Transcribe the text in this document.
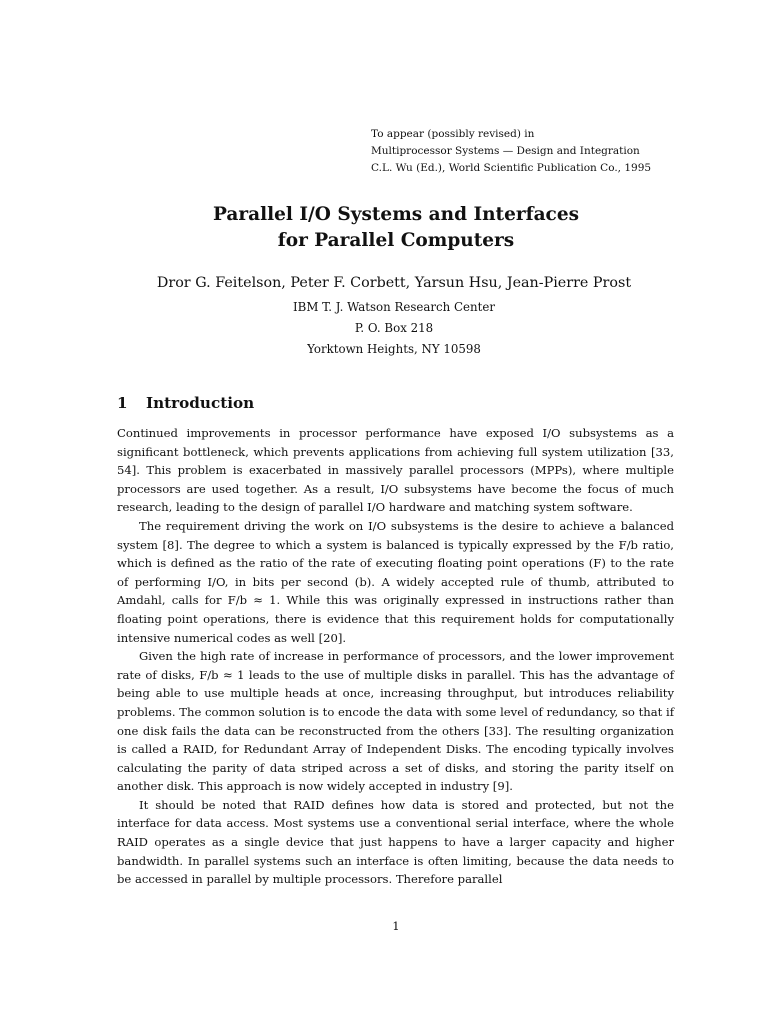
To appear (possibly revised) in
Multiprocessor Systems — Design and Integration
C.L. Wu (Ed.), World Scientific Publication Co., 1995
Parallel I/O Systems and Interfaces
for Parallel Computers
Dror G. Feitelson, Peter F. Corbett, Yarsun Hsu, Jean-Pierre Prost
IBM T. J. Watson Research Center
P. O. Box 218
Yorktown Heights, NY 10598
1 Introduction

Continued improvements in processor performance have exposed I/O subsystems as a significant bottleneck, which prevents applications from achieving full system utilization [33, 54]. This problem is exacerbated in massively parallel processors (MPPs), where multiple processors are used together. As a result, I/O subsystems have become the focus of much research, leading to the design of parallel I/O hardware and matching system software.

The requirement driving the work on I/O subsystems is the desire to achieve a balanced system [8]. The degree to which a system is balanced is typically expressed by the F/b ratio, which is defined as the ratio of the rate of executing floating point operations (F) to the rate of performing I/O, in bits per second (b). A widely accepted rule of thumb, attributed to Amdahl, calls for F/b ≈ 1. While this was originally expressed in instructions rather than floating point operations, there is evidence that this requirement holds for computationally intensive numerical codes as well [20].

Given the high rate of increase in performance of processors, and the lower improvement rate of disks, F/b ≈ 1 leads to the use of multiple disks in parallel. This has the advantage of being able to use multiple heads at once, increasing throughput, but introduces reliability problems. The common solution is to encode the data with some level of redundancy, so that if one disk fails the data can be reconstructed from the others [33]. The resulting organization is called a RAID, for Redundant Array of Independent Disks. The encoding typically involves calculating the parity of data striped across a set of disks, and storing the parity itself on another disk. This approach is now widely accepted in industry [9].

It should be noted that RAID defines how data is stored and protected, but not the interface for data access. Most systems use a conventional serial interface, where the whole RAID operates as a single device that just happens to have a larger capacity and higher bandwidth. In parallel systems such an interface is often limiting, because the data needs to be accessed in parallel by multiple processors. Therefore parallel

1
